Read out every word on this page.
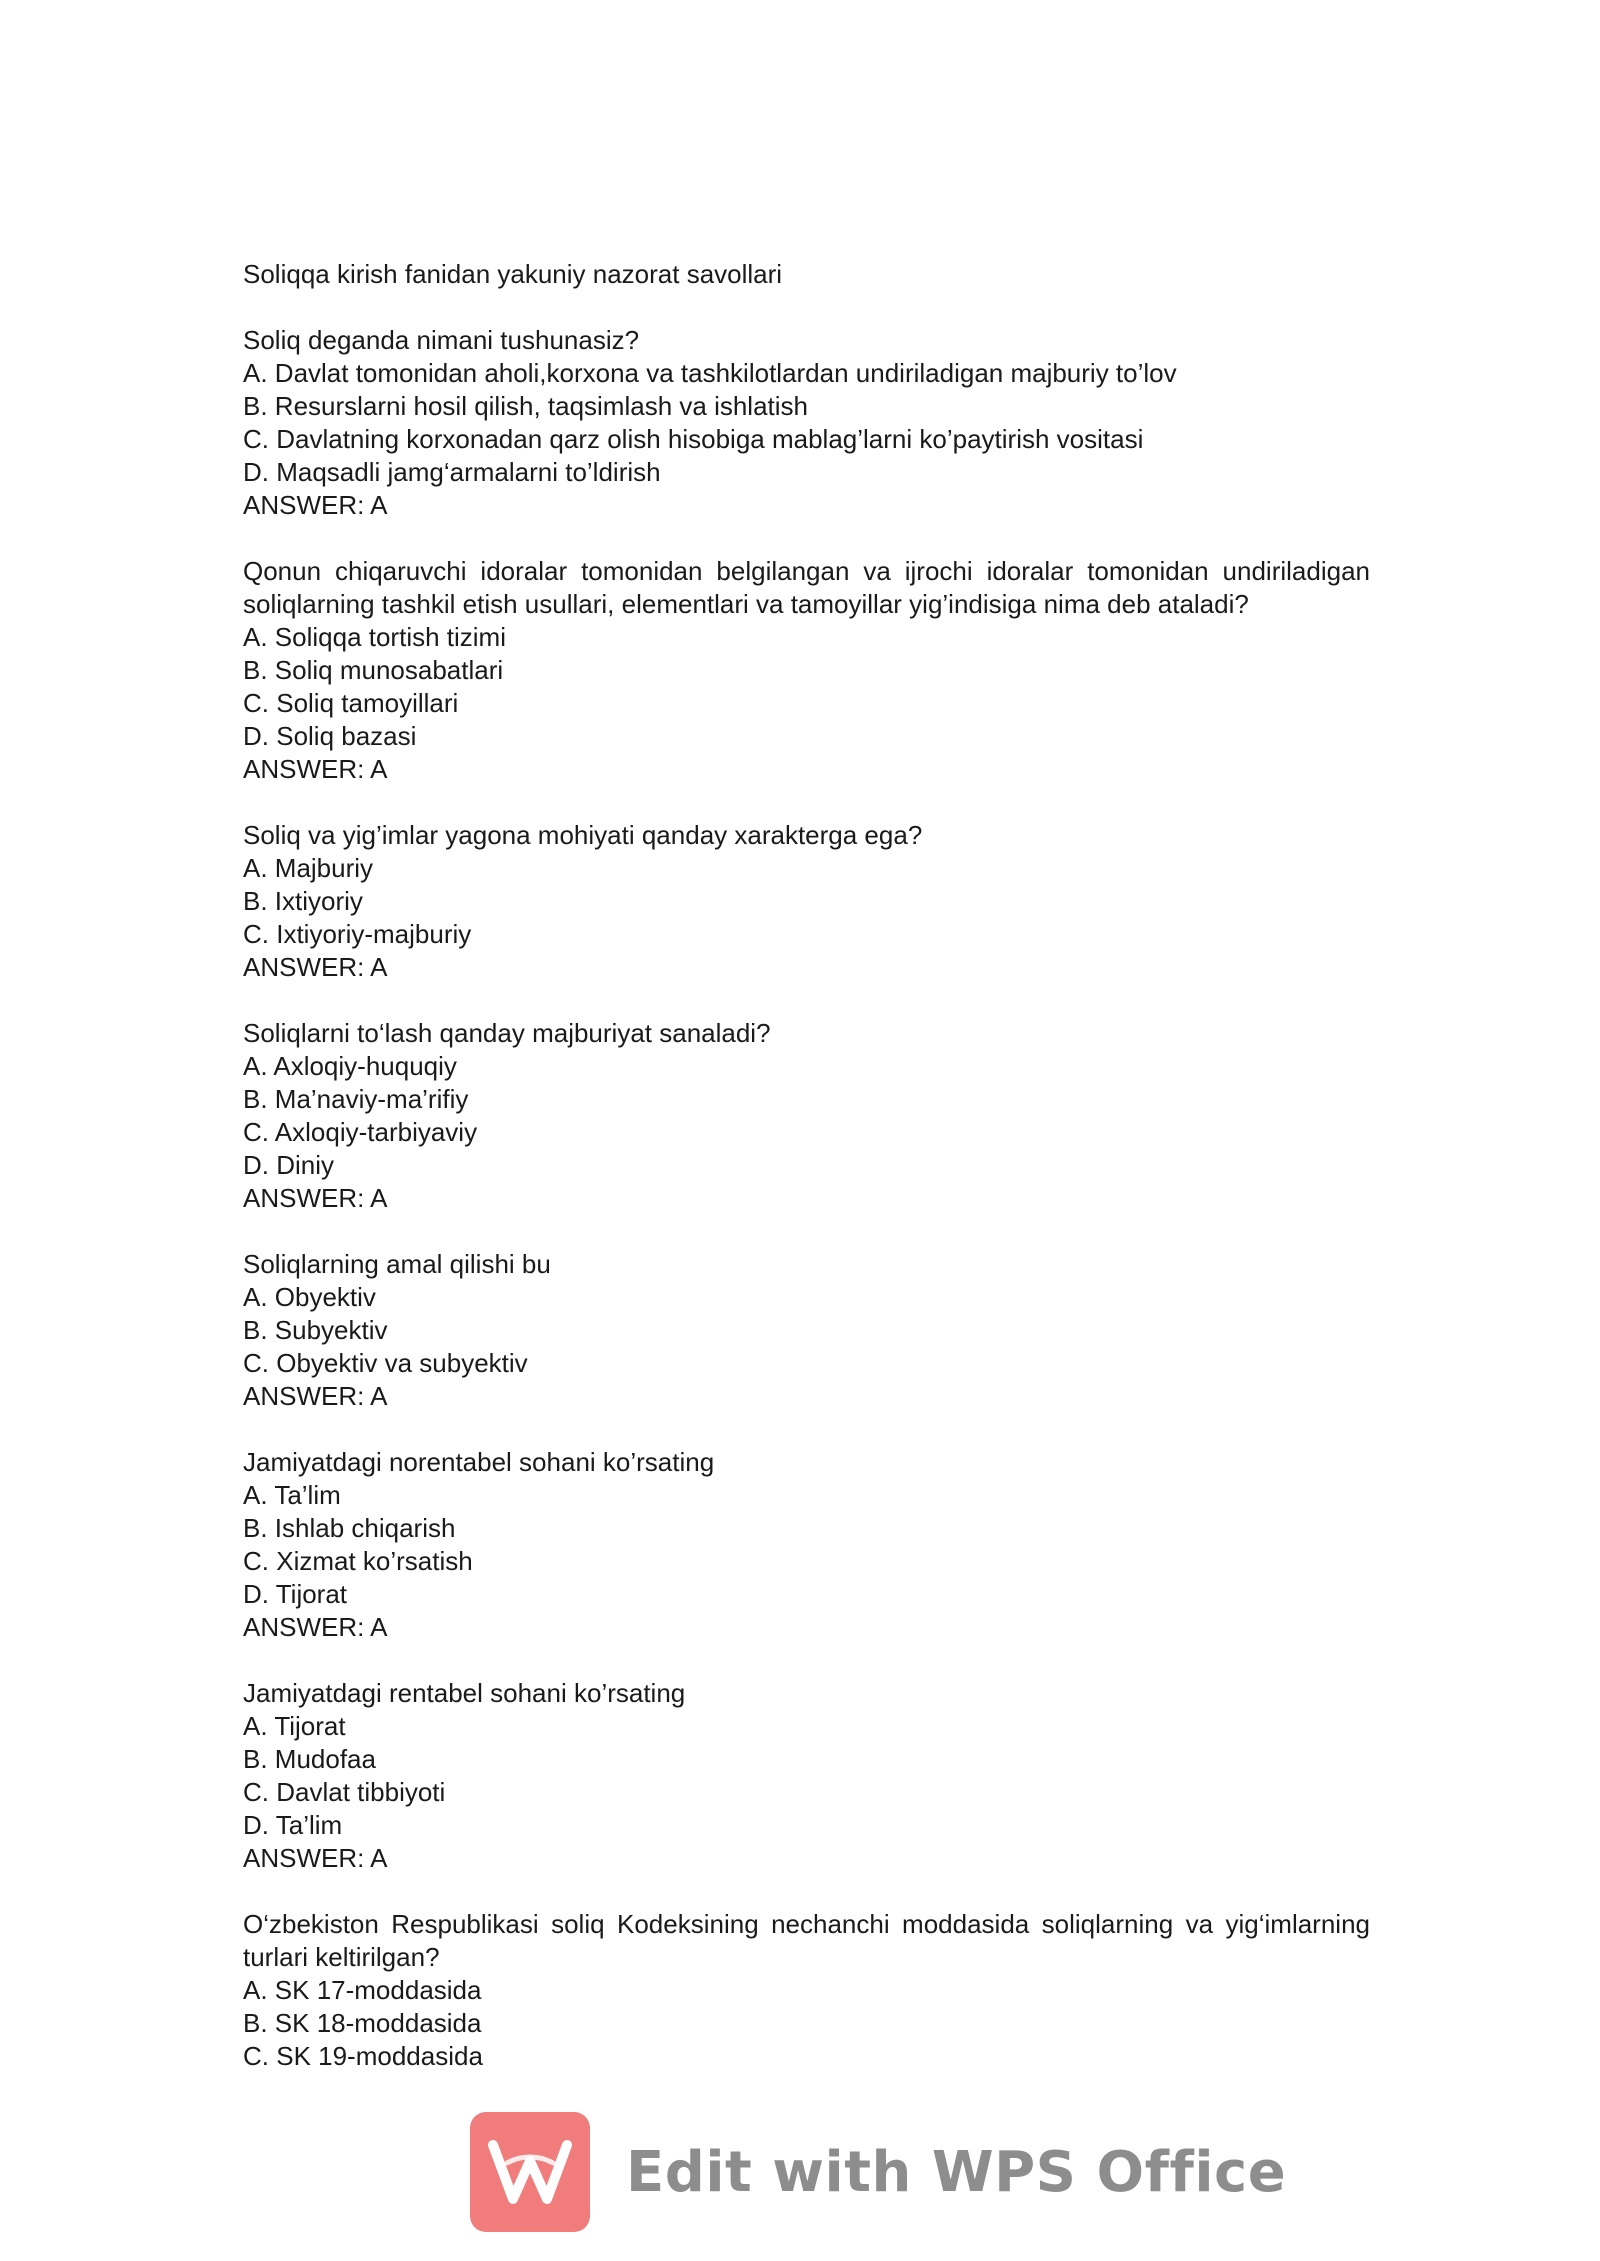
Soliqqa kirish fanidan yakuniy nazorat savollari

Soliq deganda nimani tushunasiz?

A. Davlat tomonidan aholi,korxona va tashkilotlardan undiriladigan majburiy to’lov

B. Resurslarni hosil qilish, taqsimlash va ishlatish

C. Davlatning korxonadan qarz olish hisobiga mablag’larni ko’paytirish vositasi

D. Maqsadli jamg‘armalarni to’ldirish

ANSWER: A

Qonun chiqaruvchi idoralar tomonidan belgilangan va ijrochi idoralar tomonidan undiriladigan soliqlarning tashkil etish usullari, elementlari va tamoyillar yig’indisiga nima deb ataladi?

A. Soliqqa tortish tizimi

B. Soliq munosabatlari

C. Soliq tamoyillari

D. Soliq bazasi

ANSWER: A

Soliq va yig’imlar yagona mohiyati qanday xarakterga ega?

A. Majburiy

B. Ixtiyoriy

C. Ixtiyoriy-majburiy

ANSWER: A

Soliqlarni to‘lash qanday majburiyat sanaladi?

A. Axloqiy-huquqiy

B. Ma’naviy-ma’rifiy

C. Axloqiy-tarbiyaviy

D. Diniy

ANSWER: A

Soliqlarning amal qilishi bu

A. Obyektiv

B. Subyektiv

C. Obyektiv va subyektiv

ANSWER: A

Jamiyatdagi norentabel sohani ko’rsating

A. Ta’lim

B. Ishlab chiqarish

C. Xizmat ko’rsatish

D. Tijorat

ANSWER: A

Jamiyatdagi rentabel sohani ko’rsating

A. Tijorat

B. Mudofaa

C. Davlat tibbiyoti

D. Ta’lim

ANSWER: A

O‘zbekiston Respublikasi soliq Kodeksining nechanchi moddasida soliqlarning va yig‘imlarning turlari keltirilgan?

A. SK 17-moddasida

B. SK 18-moddasida

C. SK 19-moddasida

Edit with WPS Office
